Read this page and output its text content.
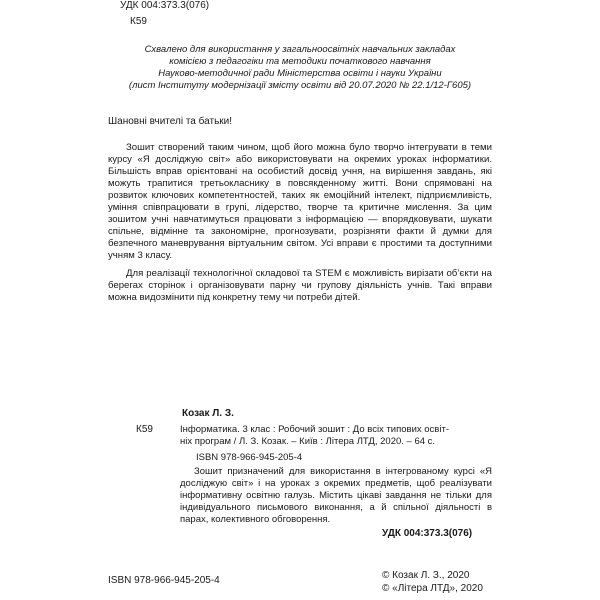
УДК 004:373.3(076)
К59
Схвалено для використання у загальноосвітніх навчальних закладах
комісією з педагогіки та методики початкового навчання
Науково-методичної ради Міністерства освіти і науки України
(лист Інституту модернізації змісту освіти від 20.07.2020 № 22.1/12-Г605)
Шановні вчителі та батьки!
Зошит створений таким чином, щоб його можна було творчо інтегрувати в теми курсу «Я досліджую світ» або використовувати на окремих уроках інформатики. Більшість вправ орієнтовані на особистий досвід учня, на вирішення завдань, які можуть трапитися третьокласнику в повсякденному житті. Вони спрямовані на розвиток ключових компетентностей, таких як емоційний інтелект, підприємливість, уміння співпрацювати в групі, лідерство, творче та критичне мислення. За цим зошитом учні навчатимуться працювати з інформацією — впорядковувати, шукати спільне, відмінне та закономірне, прогнозувати, розрізняти факти й думки для безпечного маневрування віртуальним світом. Усі вправи є простими та доступними учням 3 класу.
Для реалізації технологічної складової та STEM є можливість вирізати об’єкти на берегах сторінок і організовувати парну чи групову діяльність учнів. Такі вправи можна видозмінити під конкретну тему чи потреби дітей.
Козак Л. З.
К59	Інформатика. 3 клас : Робочий зошит : До всіх типових освіт-
ніх програм / Л. З. Козак. – Київ : Літера ЛТД, 2020. – 64 с.
ISBN 978-966-945-205-4
Зошит призначений для використання в інтегрованому курсі «Я досліджую світ» і на уроках з окремих предметів, щоб реалізувати інформативну освітню галузь. Містить цікаві завдання не тільки для індивідуального письмового виконання, а й спільної діяльності в парах, колективного обговорення.
УДК 004:373.3(076)
ISBN 978-966-945-205-4	© Козак Л. З., 2020
© «Літера ЛТД», 2020
